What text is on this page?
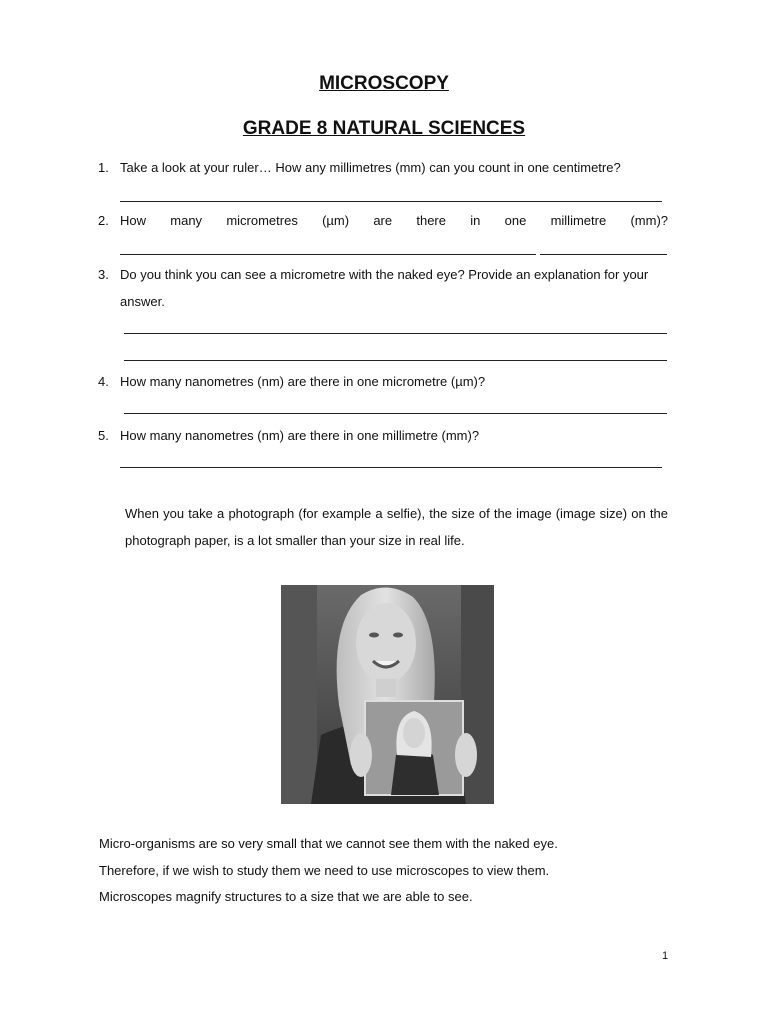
MICROSCOPY
GRADE 8 NATURAL SCIENCES
1. Take a look at your ruler… How any millimetres (mm) can you count in one centimetre?
2. How many micrometres (µm) are there in one millimetre (mm)?
3. Do you think you can see a micrometre with the naked eye? Provide an explanation for your
answer.
4. How many nanometres (nm) are there in one micrometre (µm)?
5. How many nanometres (nm) are there in one millimetre (mm)?
When you take a photograph (for example a selfie), the size of the image (image size) on the
photograph paper, is a lot smaller than your size in real life.
Micro-organisms are so very small that we cannot see them with the naked eye.
Therefore, if we wish to study them we need to use microscopes to view them.
Microscopes magnify structures to a size that we are able to see.
1
